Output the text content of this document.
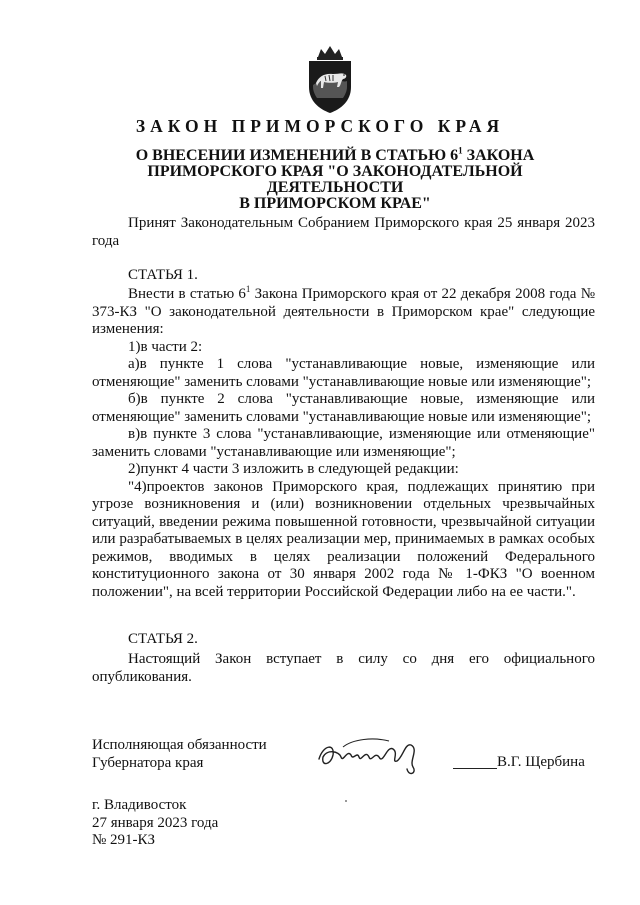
ЗАКОН ПРИМОРСКОГО КРАЯ
О ВНЕСЕНИИ ИЗМЕНЕНИЙ В СТАТЬЮ $6^1$ ЗАКОНА
ПРИМОРСКОГО КРАЯ "О ЗАКОНОДАТЕЛЬНОЙ ДЕЯТЕЛЬНОСТИ
В ПРИМОРСКОМ КРАЕ"

Принят Законодательным Собранием Приморского края 25 января 2023 года

СТАТЬЯ 1.

Внести в статью $6^1$ Закона Приморского края от 22 декабря 2008 года № 373-КЗ "О законодательной деятельности в Приморском крае" следующие изменения:

1)в части 2:

а)в пункте 1 слова "устанавливающие новые, изменяющие или отменяющие" заменить словами "устанавливающие новые или изменяющие";

б)в пункте 2 слова "устанавливающие новые, изменяющие или отменяющие" заменить словами "устанавливающие новые или изменяющие";

в)в пункте 3 слова "устанавливающие, изменяющие или отменяющие" заменить словами "устанавливающие или изменяющие";

2)пункт 4 части 3 изложить в следующей редакции:

"4)проектов законов Приморского края, подлежащих принятию при угрозе возникновения и (или) возникновении отдельных чрезвычайных ситуаций, введении режима повышенной готовности, чрезвычайной ситуации или разрабатываемых в целях реализации мер, принимаемых в рамках особых режимов, вводимых в целях реализации положений Федерального конституционного закона от 30 января 2002 года № 1-ФКЗ "О военном положении", на всей территории Российской Федерации либо на ее части.".

СТАТЬЯ 2.

Настоящий Закон вступает в силу со дня его официального опубликования.

Исполняющая обязанности
Губернатора края	В.Г. Щербина
г. Владивосток
27 января 2023 года
№ 291-КЗ
